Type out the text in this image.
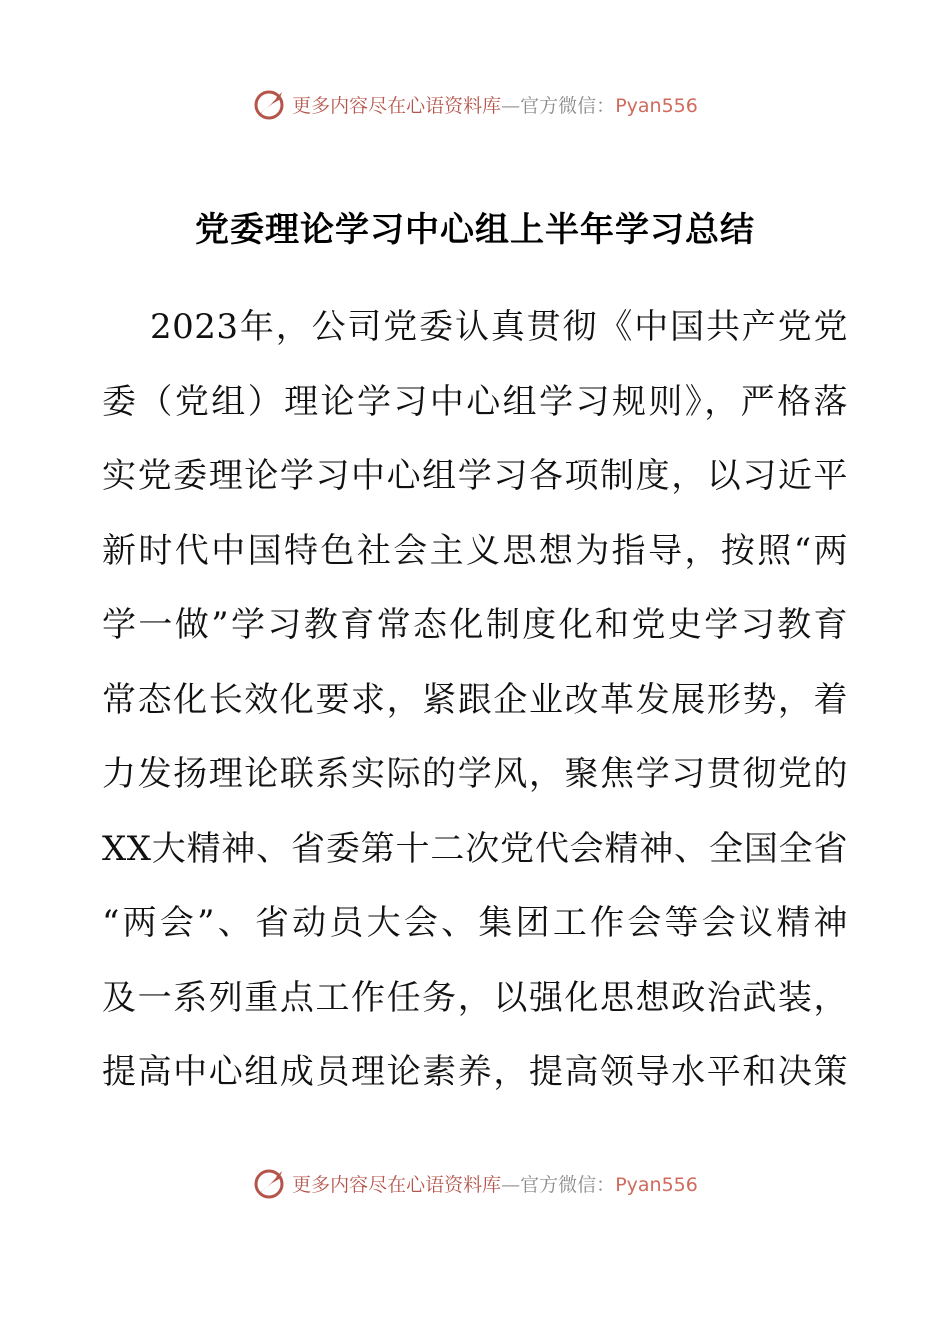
更多内容尽在心语资料库—官方微信：Pyan556
党委理论学习中心组上半年学习总结
2023年，公司党委认真贯彻《中国共产党党
委（党组）理论学习中心组学习规则》，严格落
实党委理论学习中心组学习各项制度，以习近平
新时代中国特色社会主义思想为指导，按照“两
学一做”学习教育常态化制度化和党史学习教育
常态化长效化要求，紧跟企业改革发展形势，着
力发扬理论联系实际的学风，聚焦学习贯彻党的
XX大精神、省委第十二次党代会精神、全国全省
“两会”、省动员大会、集团工作会等会议精神
及一系列重点工作任务，以强化思想政治武装，
提高中心组成员理论素养，提高领导水平和决策
更多内容尽在心语资料库—官方微信：Pyan556
